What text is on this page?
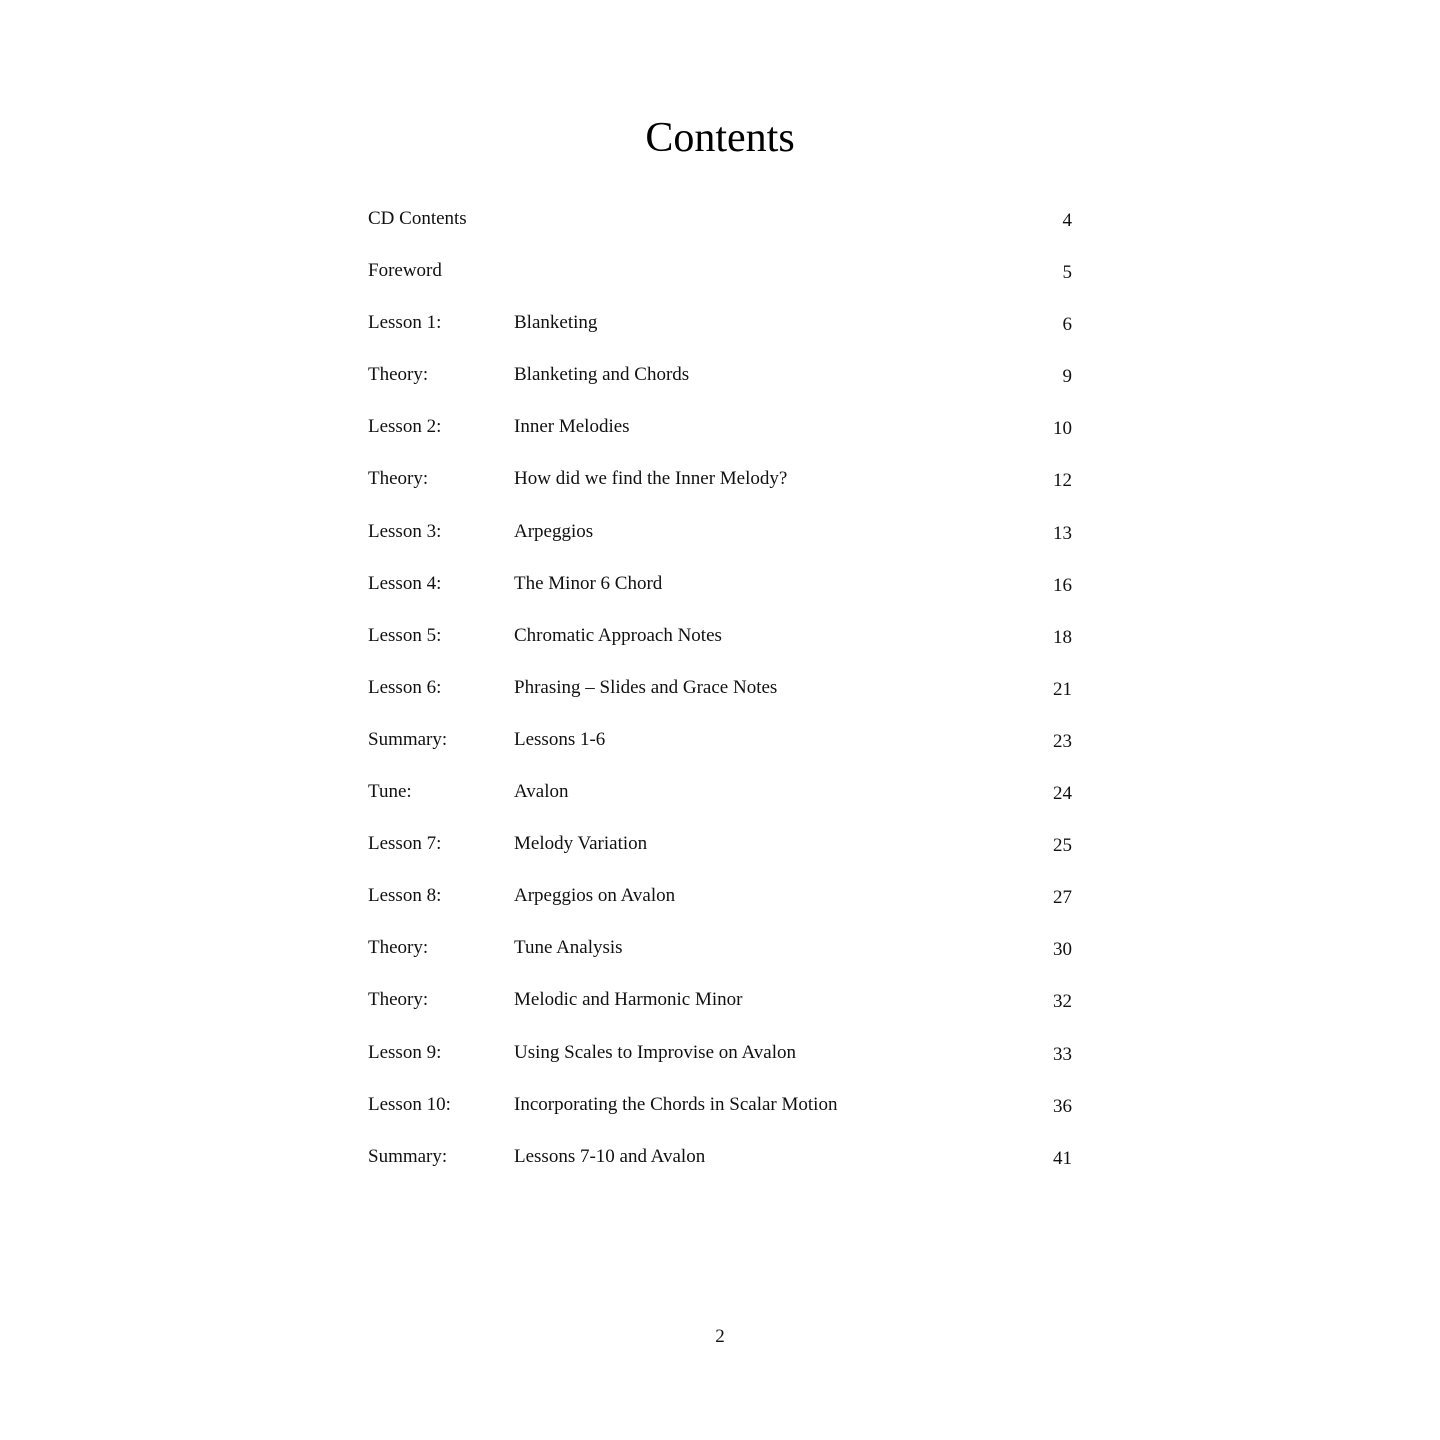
Contents
CD Contents	4
Foreword	5
Lesson 1:	Blanketing	6
Theory:	Blanketing and Chords	9
Lesson 2:	Inner Melodies	10
Theory:	How did we find the Inner Melody?	12
Lesson 3:	Arpeggios	13
Lesson 4:	The Minor 6 Chord	16
Lesson 5:	Chromatic Approach Notes	18
Lesson 6:	Phrasing – Slides and Grace Notes	21
Summary:	Lessons 1-6	23
Tune:	Avalon	24
Lesson 7:	Melody Variation	25
Lesson 8:	Arpeggios on Avalon	27
Theory:	Tune Analysis	30
Theory:	Melodic and Harmonic Minor	32
Lesson 9:	Using Scales to Improvise on Avalon	33
Lesson 10:	Incorporating the Chords in Scalar Motion	36
Summary:	Lessons 7-10 and Avalon	41
2
